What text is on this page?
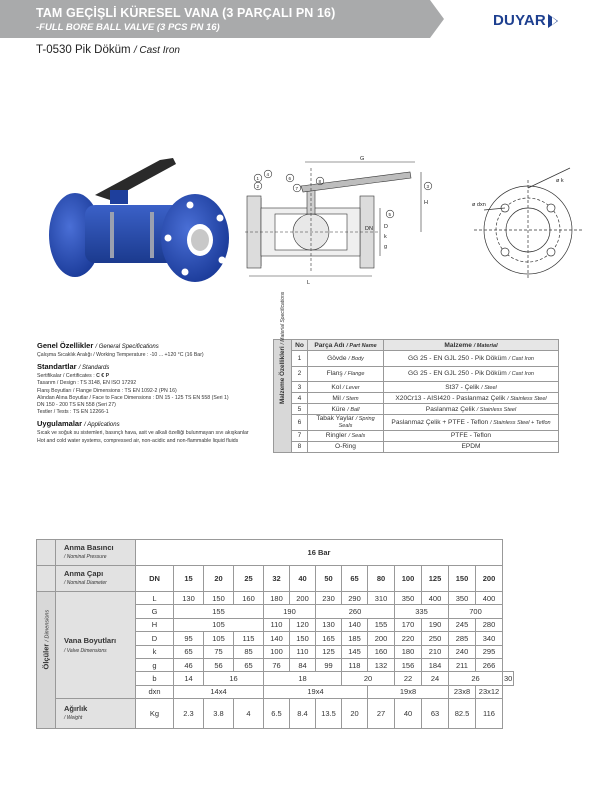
TAM GEÇİŞLİ KÜRESEL VANA (3 PARÇALI PN 16)
-FULL BORE BALL VALVE (3 PCS PN 16)
T-0530 Pik Döküm / Cast Iron
DUYAR
G
H
L
DN D
k
g
1
2	3
4
5
6
7
8	ø k
ø dxn
Genel Özellikler / General Specifications
Çalışma Sıcaklık Aralığı / Working Temperature : -10 ... +120 °C (16 Bar)
Standartlar / Standards
Sertifikalar / Certificates : C € P
Tasarım / Design : TS 3148, EN ISO 17292
Flanş Boyutları / Flange Dimensions : TS EN 1092-2 (PN 16)
Alından Alına Boyutlar / Face to Face Dimensions : DN 15 - 125 TS EN 558 (Seri 1)
DN 150 - 200 TS EN 558 (Seri 27)
Testler / Tests : TS EN 12266-1
Uygulamalar / Applications
Sıcak ve soğuk su sistemleri, basınçlı hava, asit ve alkali özelliği bulunmayan sıvı akışkanlar
Hot and cold water systems, compressed air, non-acidic and non-flammable liquid fluids
Malzeme Özellikleri / Material Specifications	No	Parça Adı / Part Name	Malzeme / Material
	1	Gövde / Body	GG 25 - EN GJL 250 - Pik Döküm / Cast Iron
	2	Flanş / Flange	GG 25 - EN GJL 250 - Pik Döküm / Cast Iron
	3	Kol / Lever	St37 - Çelik / Steel
	4	Mil / Stem	X20Cr13 - AISI420 - Paslanmaz Çelik / Stainless Steel
	5	Küre / Ball	Paslanmaz Çelik / Stainless Steel
	6	Tabak Yaylar / Spring Seals	Paslanmaz Çelik + PTFE - Teflon / Stainless Steel + Teflon
	7	Ringler / Seals	PTFE - Teflon
	8	O-Ring	EPDM
	Anma Basıncı
/ Nominal Pressure	16 Bar													
	Anma Çapı
/ Nominal Diameter	DN	15	20	25	32	40	50	65	80	100	125	150	200	

Ölçüler / Dimensions	Vana Boyutları
/ Valve Dimensions	L	130	150	160	180	200	230	290	310	350	400	350	400	
		G	155			190		260			335		700		
		H	105			110	120	130	140	155	170	190	245	280	
		D	95	105	115	140	150	165	185	200	220	250	285	340	
		k	65	75	85	100	110	125	145	160	180	210	240	295	
		g	46	56	65	76	84	99	118	132	156	184	211	266	
		b	14	16		18			20		22	24	26		30
		dxn	14x4			19x4				19x8			23x8	23x12	
	Ağırlık
/ Weight	Kg	2.3	3.8	4	6.5	8.4	13.5	20	27	40	63	82.5	116	
